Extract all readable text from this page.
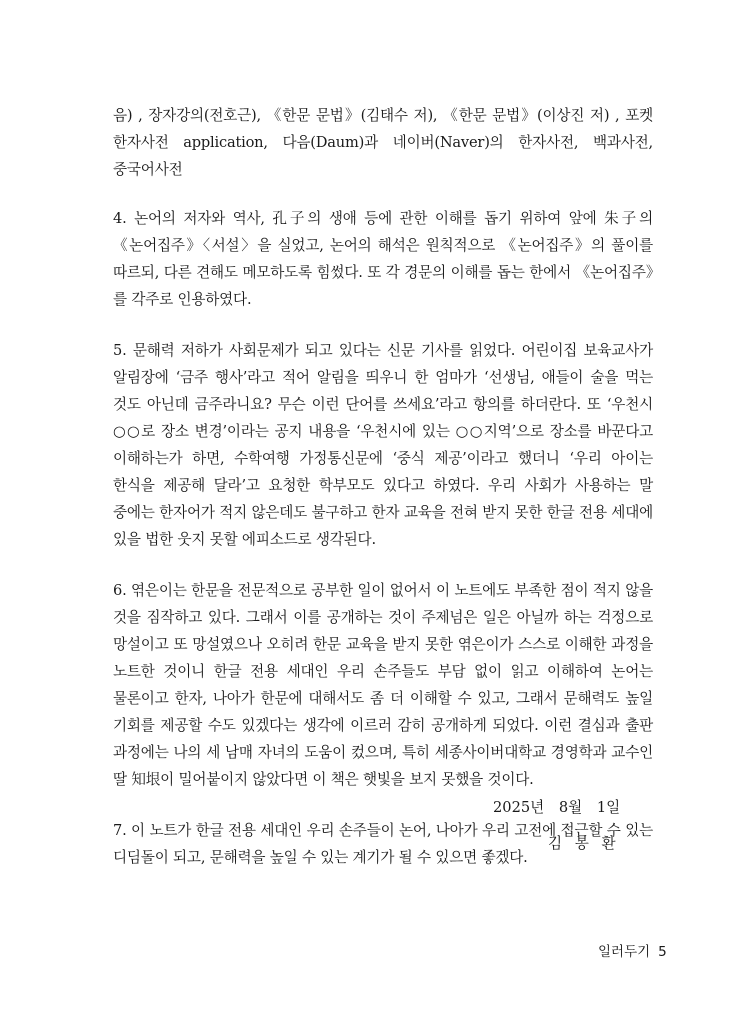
음) , 장자강의(전호근), 《한문 문법》(김태수 저), 《한문 문법》(이상진 저) , 포켓 한자사전 application, 다음(Daum)과 네이버(Naver)의 한자사전, 백과사전, 중국어사전

4. 논어의 저자와 역사, 孔子의 생애 등에 관한 이해를 돕기 위하여 앞에 朱子의 《논어집주》〈서설〉을 실었고, 논어의 해석은 원칙적으로 《논어집주》의 풀이를 따르되, 다른 견해도 메모하도록 힘썼다. 또 각 경문의 이해를 돕는 한에서 《논어집주》를 각주로 인용하였다.

5. 문해력 저하가 사회문제가 되고 있다는 신문 기사를 읽었다. 어린이집 보육교사가 알림장에 ‘금주 행사’라고 적어 알림을 띄우니 한 엄마가 ‘선생님, 애들이 술을 먹는 것도 아닌데 금주라니요? 무슨 이런 단어를 쓰세요’라고 항의를 하더란다. 또 ‘우천시 ○○로 장소 변경’이라는 공지 내용을 ‘우천시에 있는 ○○지역’으로 장소를 바꾼다고 이해하는가 하면, 수학여행 가정통신문에 ‘중식 제공’이라고 했더니 ‘우리 아이는 한식을 제공해 달라’고 요청한 학부모도 있다고 하였다. 우리 사회가 사용하는 말 중에는 한자어가 적지 않은데도 불구하고 한자 교육을 전혀 받지 못한 한글 전용 세대에 있을 법한 웃지 못할 에피소드로 생각된다.

6. 엮은이는 한문을 전문적으로 공부한 일이 없어서 이 노트에도 부족한 점이 적지 않을 것을 짐작하고 있다. 그래서 이를 공개하는 것이 주제넘은 일은 아닐까 하는 걱정으로 망설이고 또 망설였으나 오히려 한문 교육을 받지 못한 엮은이가 스스로 이해한 과정을 노트한 것이니 한글 전용 세대인 우리 손주들도 부담 없이 읽고 이해하여 논어는 물론이고 한자, 나아가 한문에 대해서도 좀 더 이해할 수 있고, 그래서 문해력도 높일 기회를 제공할 수도 있겠다는 생각에 이르러 감히 공개하게 되었다. 이런 결심과 출판 과정에는 나의 세 남매 자녀의 도움이 컸으며, 특히 세종사이버대학교 경영학과 교수인 딸 知垠이 밀어붙이지 않았다면 이 책은 햇빛을 보지 못했을 것이다.

7. 이 노트가 한글 전용 세대인 우리 손주들이 논어, 나아가 우리 고전에 접근할 수 있는 디딤돌이 되고, 문해력을 높일 수 있는 계기가 될 수 있으면 좋겠다.

2025년 8월 1일
김 봉 환
일러두기 5
